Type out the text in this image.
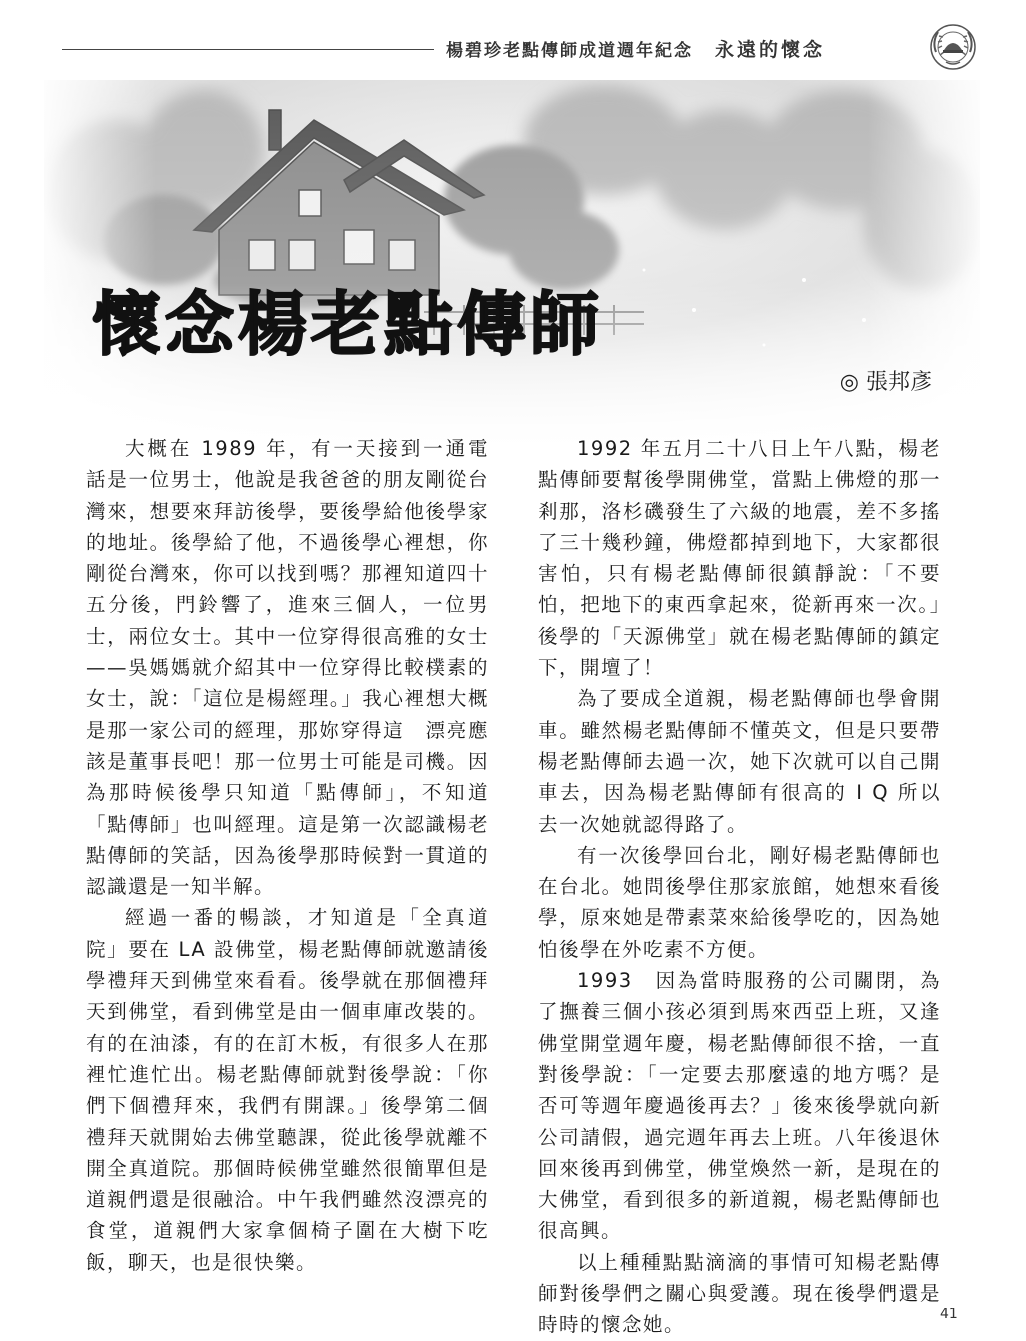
楊碧珍老點傳師成道週年紀念 永遠的懷念
懷念楊老點傳師
◎ 張邦彥

大概在 1989 年，有一天接到一通電話是一位男士，他說是我爸爸的朋友剛從台灣來，想要來拜訪後學，要後學給他後學家的地址。後學給了他，不過後學心裡想，你剛從台灣來，你可以找到嗎？那裡知道四十五分後，門鈴響了，進來三個人，一位男士，兩位女士。其中一位穿得很高雅的女士——吳媽媽就介紹其中一位穿得比較樸素的女士，說：「這位是楊經理。」我心裡想大概是那一家公司的經理，那妳穿得這　漂亮應該是董事長吧！那一位男士可能是司機。因為那時候後學只知道「點傳師」，不知道「點傳師」也叫經理。這是第一次認識楊老點傳師的笑話，因為後學那時候對一貫道的認識還是一知半解。

經過一番的暢談，才知道是「全真道院」要在 LA 設佛堂，楊老點傳師就邀請後學禮拜天到佛堂來看看。後學就在那個禮拜天到佛堂，看到佛堂是由一個車庫改裝的。有的在油漆，有的在訂木板，有很多人在那裡忙進忙出。楊老點傳師就對後學說：「你們下個禮拜來，我們有開課。」後學第二個禮拜天就開始去佛堂聽課，從此後學就離不開全真道院。那個時候佛堂雖然很簡單但是道親們還是很融洽。中午我們雖然沒漂亮的食堂，道親們大家拿個椅子圍在大樹下吃飯，聊天，也是很快樂。

1992 年五月二十八日上午八點，楊老點傳師要幫後學開佛堂，當點上佛燈的那一剎那，洛杉磯發生了六級的地震，差不多搖了三十幾秒鐘，佛燈都掉到地下，大家都很害怕，只有楊老點傳師很鎮靜說：「不要怕，把地下的東西拿起來，從新再來一次。」後學的「天源佛堂」就在楊老點傳師的鎮定下，開壇了！

為了要成全道親，楊老點傳師也學會開車。雖然楊老點傳師不懂英文，但是只要帶楊老點傳師去過一次，她下次就可以自己開車去，因為楊老點傳師有很高的 I Q 所以去一次她就認得路了。

有一次後學回台北，剛好楊老點傳師也在台北。她問後學住那家旅館，她想來看後學，原來她是帶素菜來給後學吃的，因為她怕後學在外吃素不方便。

1993　因為當時服務的公司關閉，為了撫養三個小孩必須到馬來西亞上班，又逢佛堂開堂週年慶，楊老點傳師很不捨，一直對後學說：「一定要去那麼遠的地方嗎？是否可等週年慶過後再去？」後來後學就向新公司請假，過完週年再去上班。八年後退休回來後再到佛堂，佛堂煥然一新，是現在的大佛堂，看到很多的新道親，楊老點傳師也很高興。

以上種種點點滴滴的事情可知楊老點傳師對後學們之關心與愛護。現在後學們還是時時的懷念她。	41
